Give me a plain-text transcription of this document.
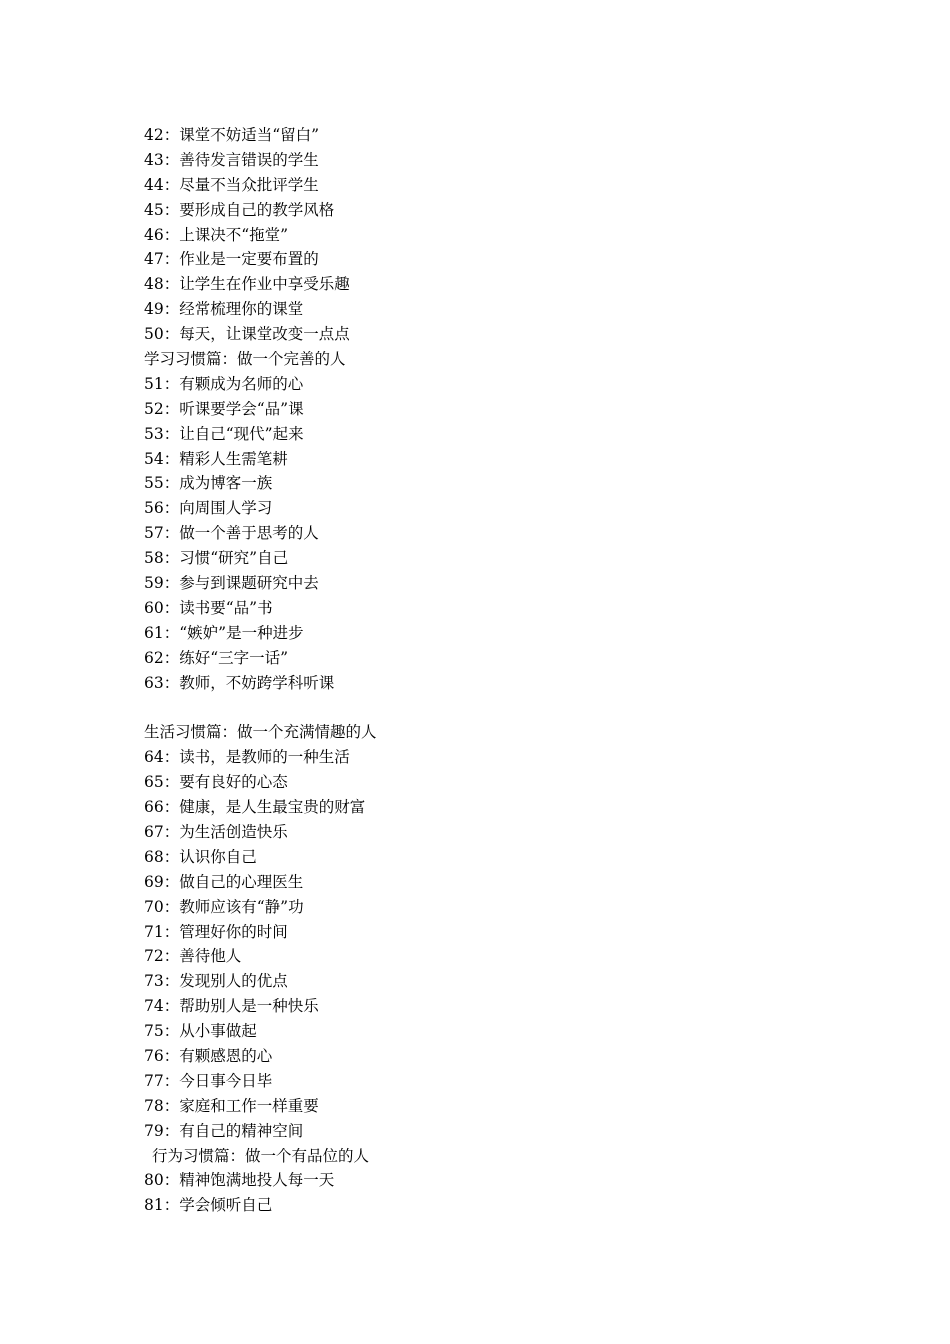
42：课堂不妨适当“留白”
43：善待发言错误的学生
44：尽量不当众批评学生
45：要形成自己的教学风格
46：上课决不“拖堂”
47：作业是一定要布置的
48：让学生在作业中享受乐趣
49：经常梳理你的课堂
50：每天，让课堂改变一点点
学习习惯篇：做一个完善的人
51：有颗成为名师的心
52：听课要学会“品”课
53：让自己“现代”起来
54：精彩人生需笔耕
55：成为博客一族
56：向周围人学习
57：做一个善于思考的人
58：习惯“研究”自己
59：参与到课题研究中去
60：读书要“品”书
61：“嫉妒”是一种进步
62：练好“三字一话”
63：教师，不妨跨学科听课
生活习惯篇：做一个充满情趣的人
64：读书，是教师的一种生活
65：要有良好的心态
66：健康，是人生最宝贵的财富
67：为生活创造快乐
68：认识你自己
69：做自己的心理医生
70：教师应该有“静”功
71：管理好你的时间
72：善待他人
73：发现别人的优点
74：帮助别人是一种快乐
75：从小事做起
76：有颗感恩的心
77：今日事今日毕
78：家庭和工作一样重要
79：有自己的精神空间
行为习惯篇：做一个有品位的人
80：精神饱满地投人每一天
81：学会倾听自己
